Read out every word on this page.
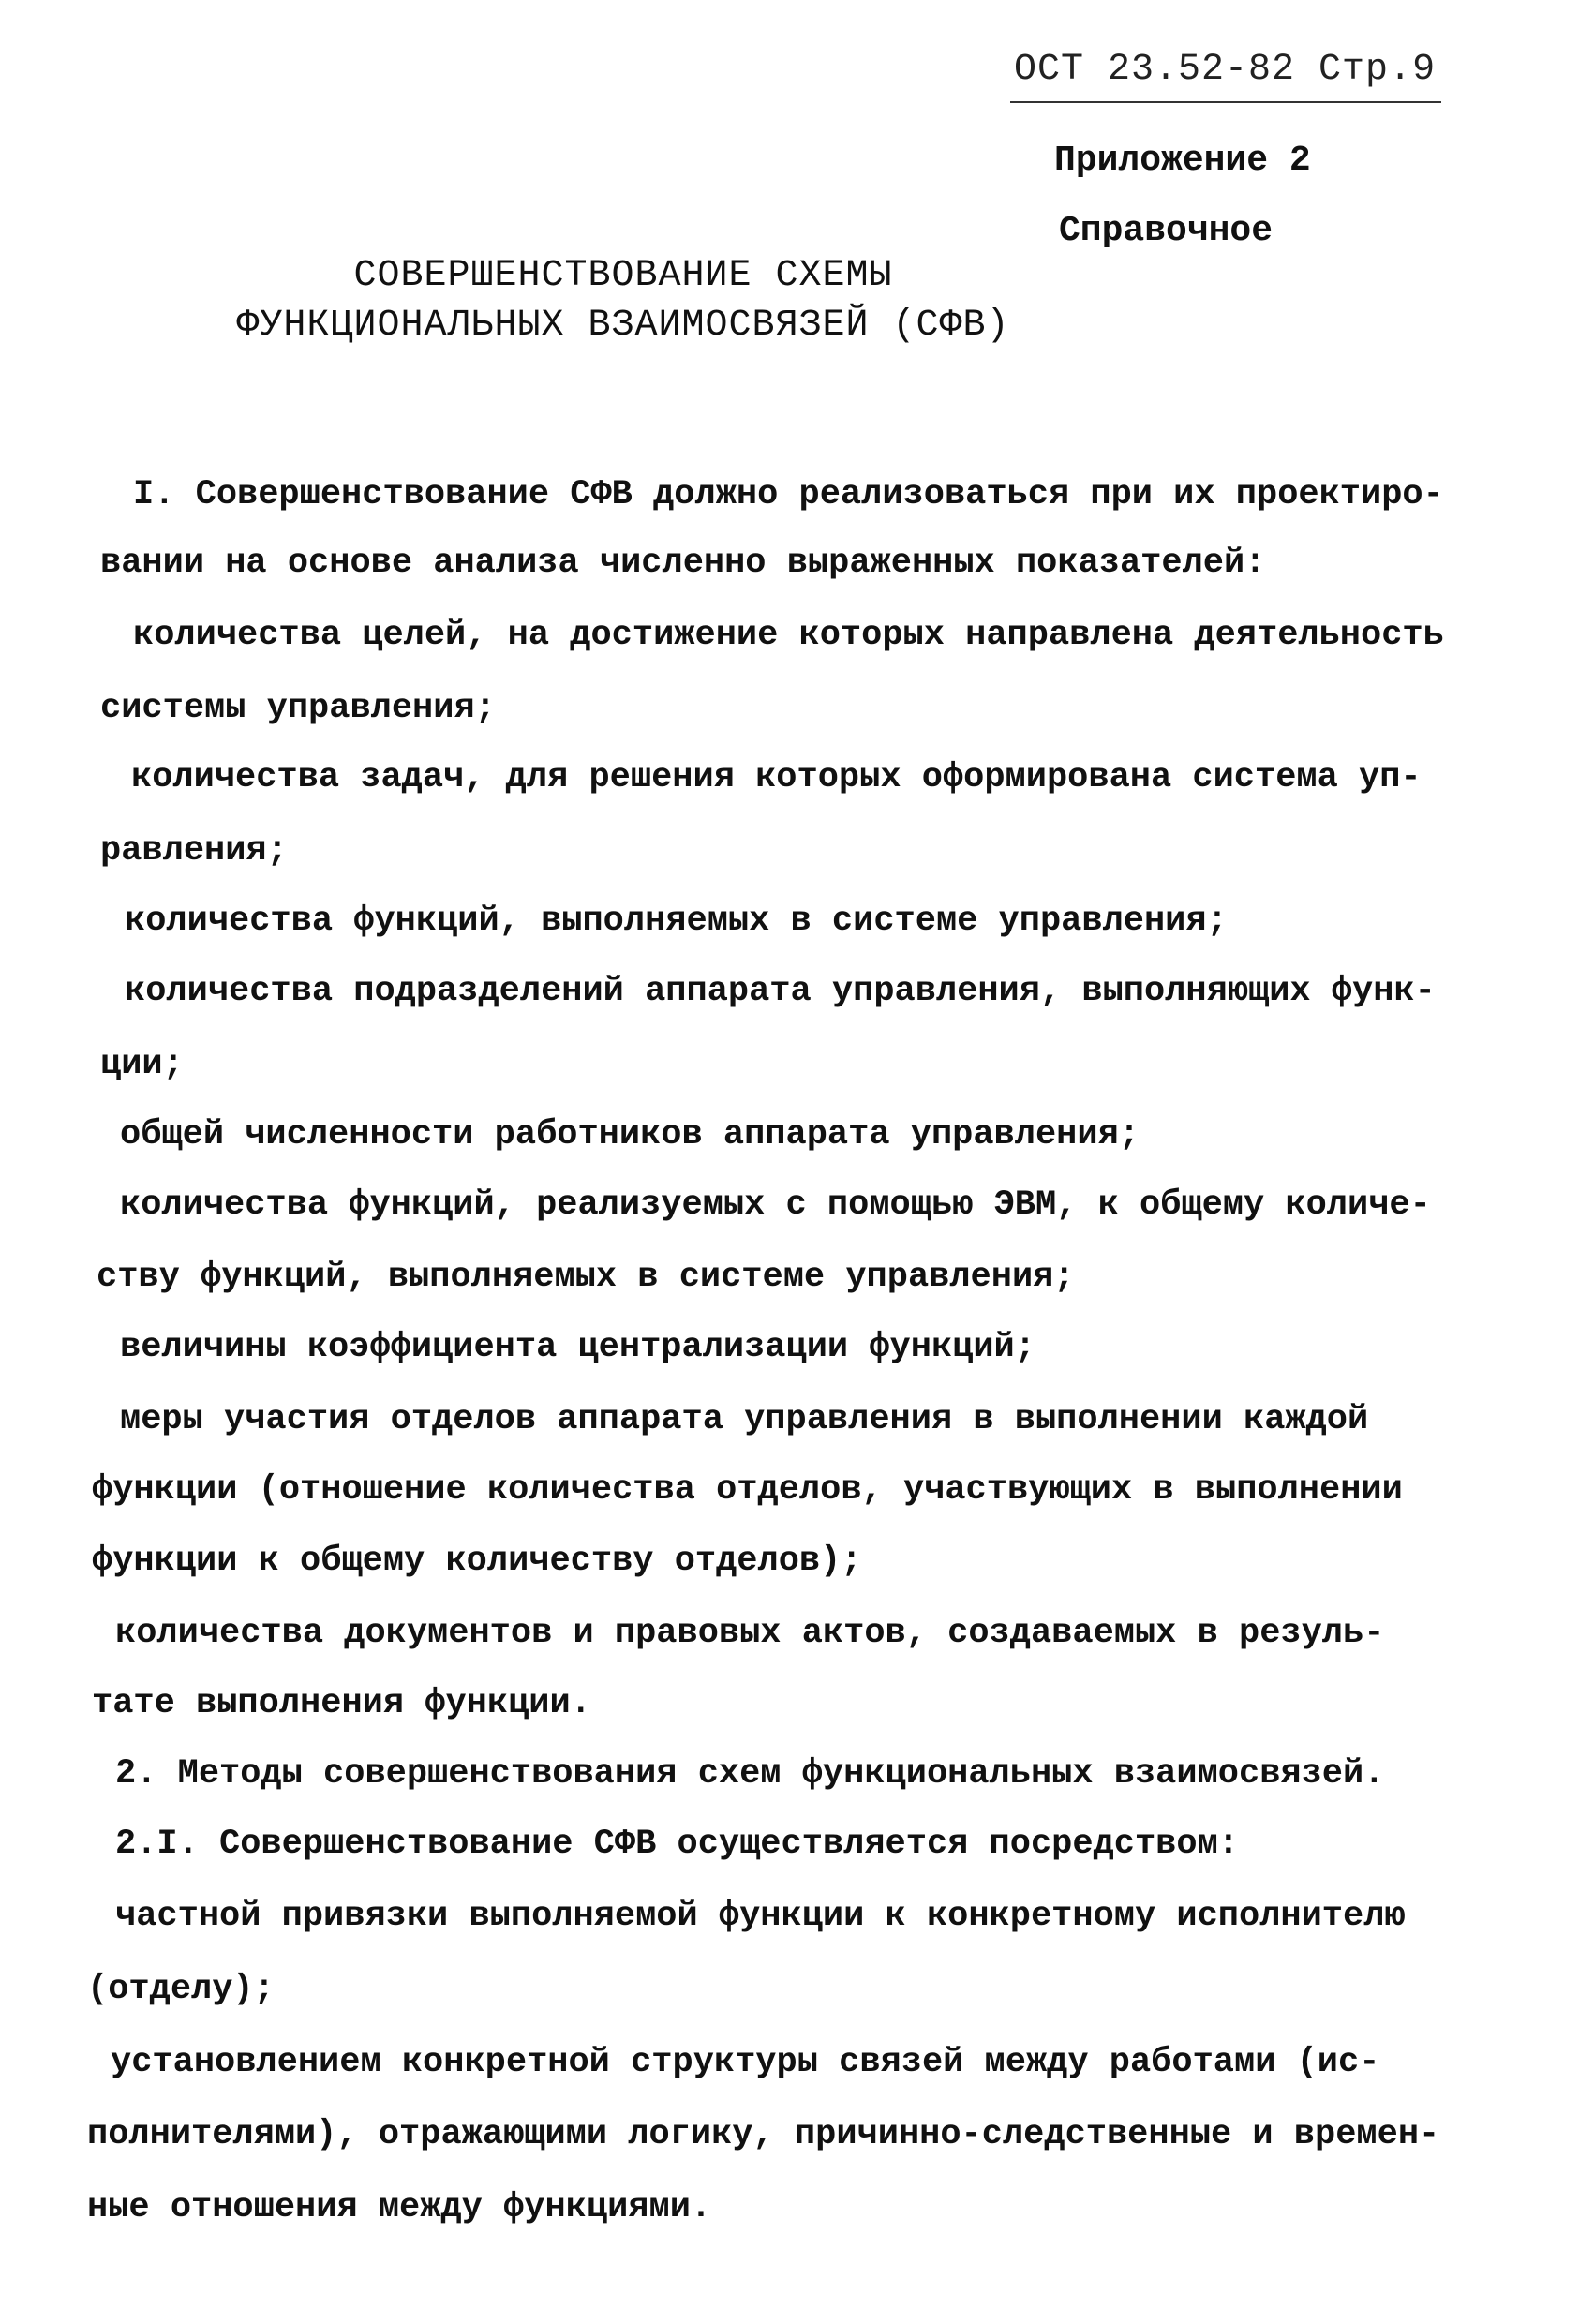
ОСТ 23.52-82 Стр.9
Приложение 2
Справочное
СОВЕРШЕНСТВОВАНИЕ СХЕМЫ
ФУНКЦИОНАЛЬНЫХ ВЗАИМОСВЯЗЕЙ (СФВ)
I. Совершенствование СФВ должно реализоваться при их проектиро-
вании на основе анализа численно выраженных показателей:
количества целей, на достижение которых направлена деятельность
системы управления;
количества задач, для решения которых оформирована система уп-
равления;
количества функций, выполняемых в системе управления;
количества подразделений аппарата управления, выполняющих функ-
ции;
общей численности работников аппарата управления;
количества функций, реализуемых с помощью ЭВМ, к общему количе-
ству функций, выполняемых в системе управления;
величины коэффициента централизации функций;
меры участия отделов аппарата управления в выполнении каждой
функции (отношение количества отделов, участвующих в выполнении
функции к общему количеству отделов);
количества документов и правовых актов, создаваемых в резуль-
тате выполнения функции.
2. Методы совершенствования схем функциональных взаимосвязей.
2.I. Совершенствование СФВ осуществляется посредством:
частной привязки выполняемой функции к конкретному исполнителю
(отделу);
установлением конкретной структуры связей между работами (ис-
полнителями), отражающими логику, причинно-следственные и времен-
ные отношения между функциями.
